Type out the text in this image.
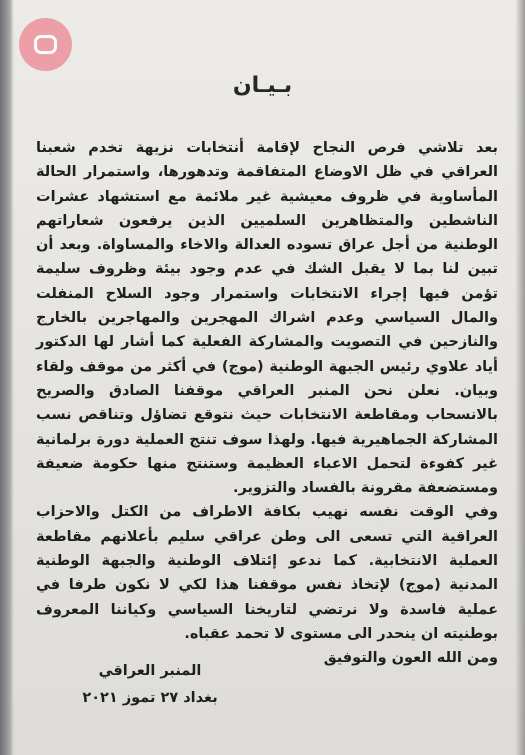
بـيـان

بعد تلاشي فرص النجاح لإقامة أنتخابات نزيهة تخدم شعبنا العراقي في ظل الاوضاع المتفاقمة وتدهورها، واستمرار الحالة المأساوية في ظروف معيشية غير ملائمة مع استشهاد عشرات الناشطين والمتظاهرين السلميين الذين يرفعون شعاراتهم الوطنية من أجل عراق تسوده العدالة والاخاء والمساواة. وبعد أن تبين لنا بما لا يقبل الشك في عدم وجود بيئة وظروف سليمة تؤمن فيها إجراء الانتخابات واستمرار وجود السلاح المنفلت والمال السياسي وعدم اشراك المهجرين والمهاجرين بالخارج والنازحين في التصويت والمشاركة الفعلية كما أشار لها الدكتور أياد علاوي رئيس الجبهة الوطنية (موج) في أكثر من موقف ولقاء وبيان. نعلن نحن المنبر العراقي موقفنا الصادق والصريح بالانسحاب ومقاطعة الانتخابات حيث نتوقع تضاؤل وتناقص نسب المشاركة الجماهيرية فيها. ولهذا سوف تنتج العملية دورة برلمانية غير كفوءة لتحمل الاعباء العظيمة وستنتج منها حكومة ضعيفة ومستضعفة مقرونة بالفساد والتزوير.

وفي الوقت نفسه نهيب بكافة الاطراف من الكتل والاحزاب العراقية التي تسعى الى وطن عراقي سليم بأعلانهم مقاطعة العملية الانتخابية. كما ندعو إئتلاف الوطنية والجبهة الوطنية المدنية (موج) لإتخاذ نفس موقفنا هذا لكي لا نكون طرفا في عملية فاسدة ولا نرتضي لتاريخنا السياسي وكياننا المعروف بوطنيته ان ينحدر الى مستوى لا تحمد عقباه.

ومن الله العون والتوفيق

المنبر العراقي
بغداد ٢٧ تموز ٢٠٢١
